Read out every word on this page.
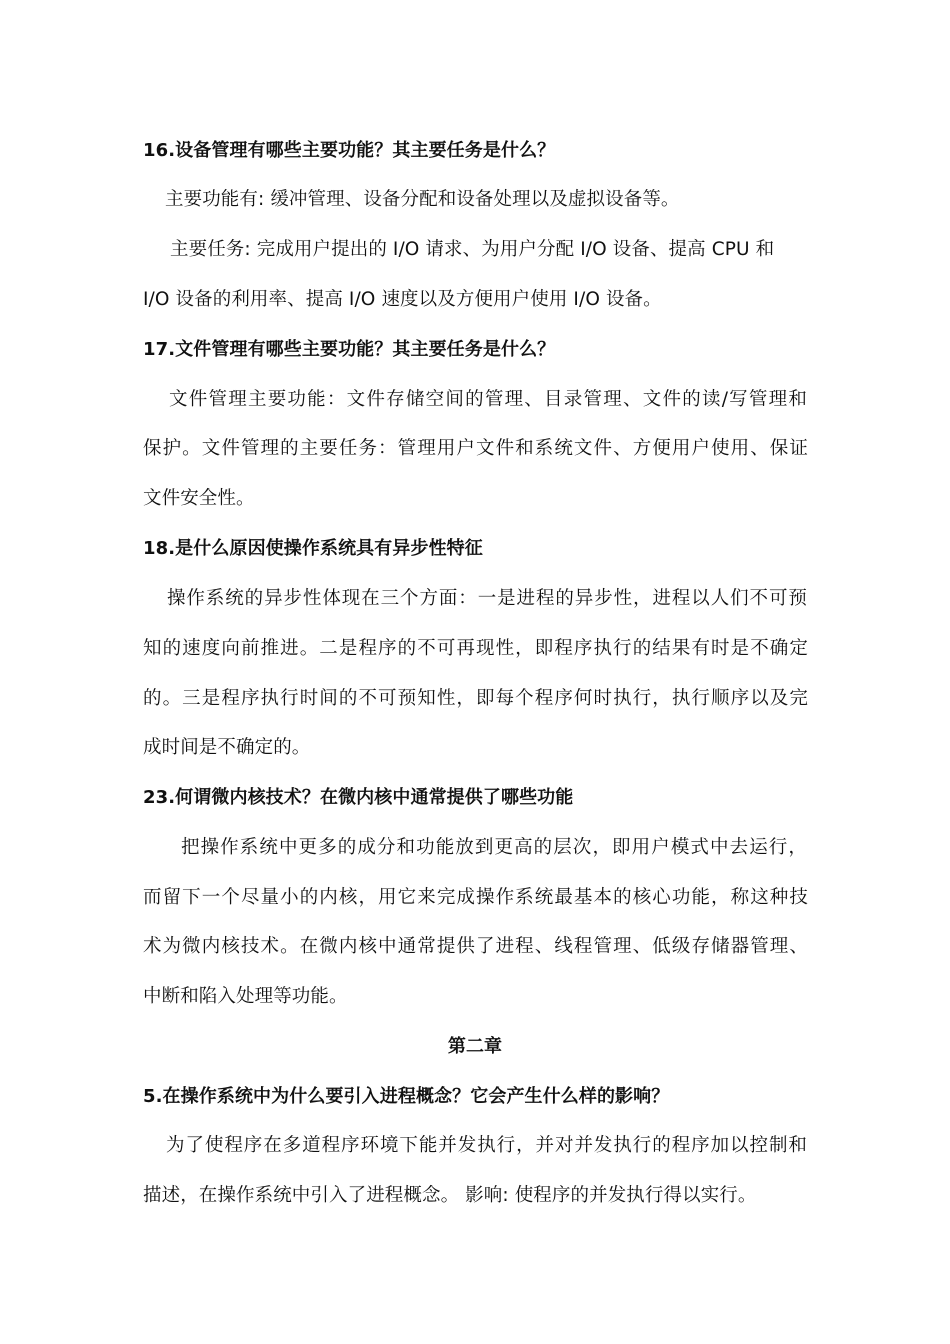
16.设备管理有哪些主要功能？其主要任务是什么？
主要功能有: 缓冲管理、设备分配和设备处理以及虚拟设备等。
主要任务: 完成用户提出的 I/O 请求、为用户分配 I/O 设备、提高 CPU 和
I/O 设备的利用率、提高 I/O 速度以及方便用户使用 I/O 设备。
17.文件管理有哪些主要功能？其主要任务是什么？
文件管理主要功能：文件存储空间的管理、目录管理、文件的读/写管理和
保护。文件管理的主要任务：管理用户文件和系统文件、方便用户使用、保证
文件安全性。
18.是什么原因使操作系统具有异步性特征
操作系统的异步性体现在三个方面：一是进程的异步性，进程以人们不可预
知的速度向前推进。二是程序的不可再现性，即程序执行的结果有时是不确定
的。三是程序执行时间的不可预知性，即每个程序何时执行，执行顺序以及完
成时间是不确定的。
23.何谓微内核技术？在微内核中通常提供了哪些功能
把操作系统中更多的成分和功能放到更高的层次，即用户模式中去运行，
而留下一个尽量小的内核，用它来完成操作系统最基本的核心功能，称这种技
术为微内核技术。在微内核中通常提供了进程、线程管理、低级存储器管理、
中断和陷入处理等功能。
第二章
5.在操作系统中为什么要引入进程概念？它会产生什么样的影响？
为了使程序在多道程序环境下能并发执行，并对并发执行的程序加以控制和
描述，在操作系统中引入了进程概念。 影响: 使程序的并发执行得以实行。
